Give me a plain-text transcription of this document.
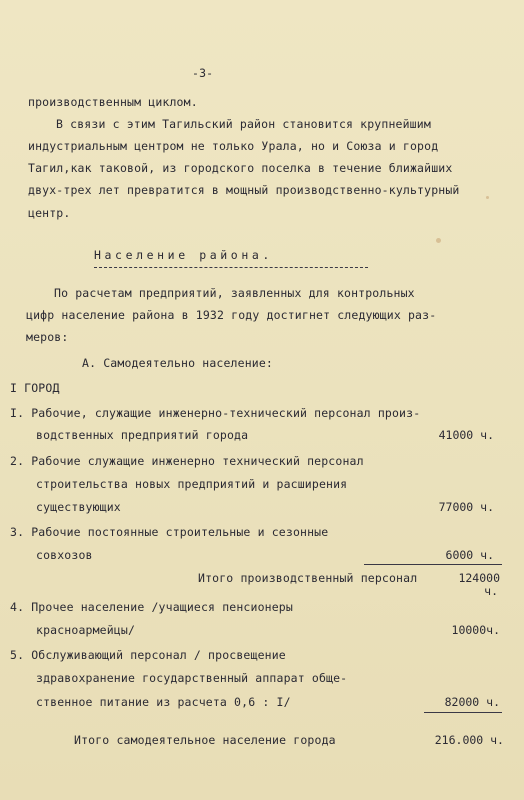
-3-
производственным циклом.
В связи с этим Тагильский район становится крупнейшим
индустриальным центром не только Урала, но и Союза и город
Тагил,как таковой, из городского поселка в течение ближайших
двух-трех лет превратится в мощный производственно-культурный
центр.
Население района.
По расчетам предприятий, заявленных для контрольных
цифр население района в 1932 году достигнет следующих раз-
меров:
А. Самодеятельно население:
I ГОРОД
I. Рабочие, служащие инженерно-технический персонал произ-
водственных предприятий города	41000 ч.
2. Рабочие служащие инженерно технический персонал
строительства новых предприятий и расширения
существующих	77000 ч.
3. Рабочие постоянные строительные и сезонные
совхозов	6000 ч.
Итого производственный персонал	124000
ч.
4. Прочее население /учащиеся пенсионеры
красноармейцы/	10000ч.
5. Обслуживающий персонал / просвещение
здравохранение государственный аппарат обще-
ственное питание из расчета 0,6 : I/	82000 ч.
Итого самодеятельное население города	216.000 ч.
